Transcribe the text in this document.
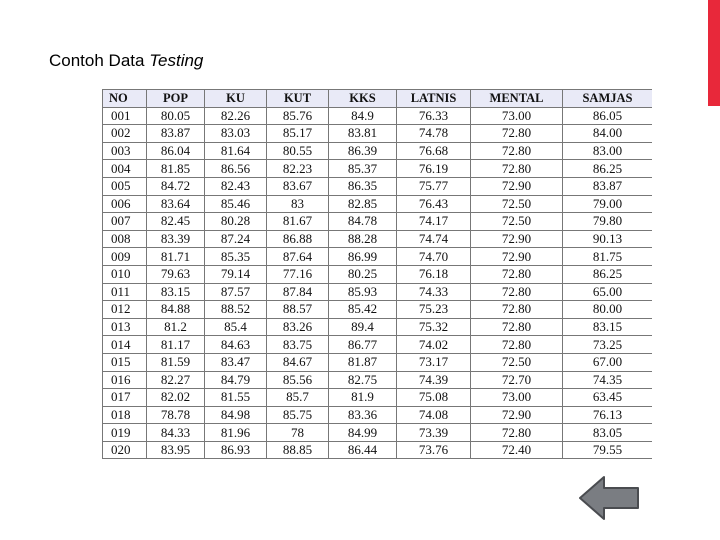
Contoh Data Testing
NO	POP	KU	KUT	KKS	LATNIS	MENTAL	SAMJAS
001	80.05	82.26	85.76	84.9	76.33	73.00	86.05
002	83.87	83.03	85.17	83.81	74.78	72.80	84.00
003	86.04	81.64	80.55	86.39	76.68	72.80	83.00
004	81.85	86.56	82.23	85.37	76.19	72.80	86.25
005	84.72	82.43	83.67	86.35	75.77	72.90	83.87
006	83.64	85.46	83	82.85	76.43	72.50	79.00
007	82.45	80.28	81.67	84.78	74.17	72.50	79.80
008	83.39	87.24	86.88	88.28	74.74	72.90	90.13
009	81.71	85.35	87.64	86.99	74.70	72.90	81.75
010	79.63	79.14	77.16	80.25	76.18	72.80	86.25
011	83.15	87.57	87.84	85.93	74.33	72.80	65.00
012	84.88	88.52	88.57	85.42	75.23	72.80	80.00
013	81.2	85.4	83.26	89.4	75.32	72.80	83.15
014	81.17	84.63	83.75	86.77	74.02	72.80	73.25
015	81.59	83.47	84.67	81.87	73.17	72.50	67.00
016	82.27	84.79	85.56	82.75	74.39	72.70	74.35
017	82.02	81.55	85.7	81.9	75.08	73.00	63.45
018	78.78	84.98	85.75	83.36	74.08	72.90	76.13
019	84.33	81.96	78	84.99	73.39	72.80	83.05
020	83.95	86.93	88.85	86.44	73.76	72.40	79.55
